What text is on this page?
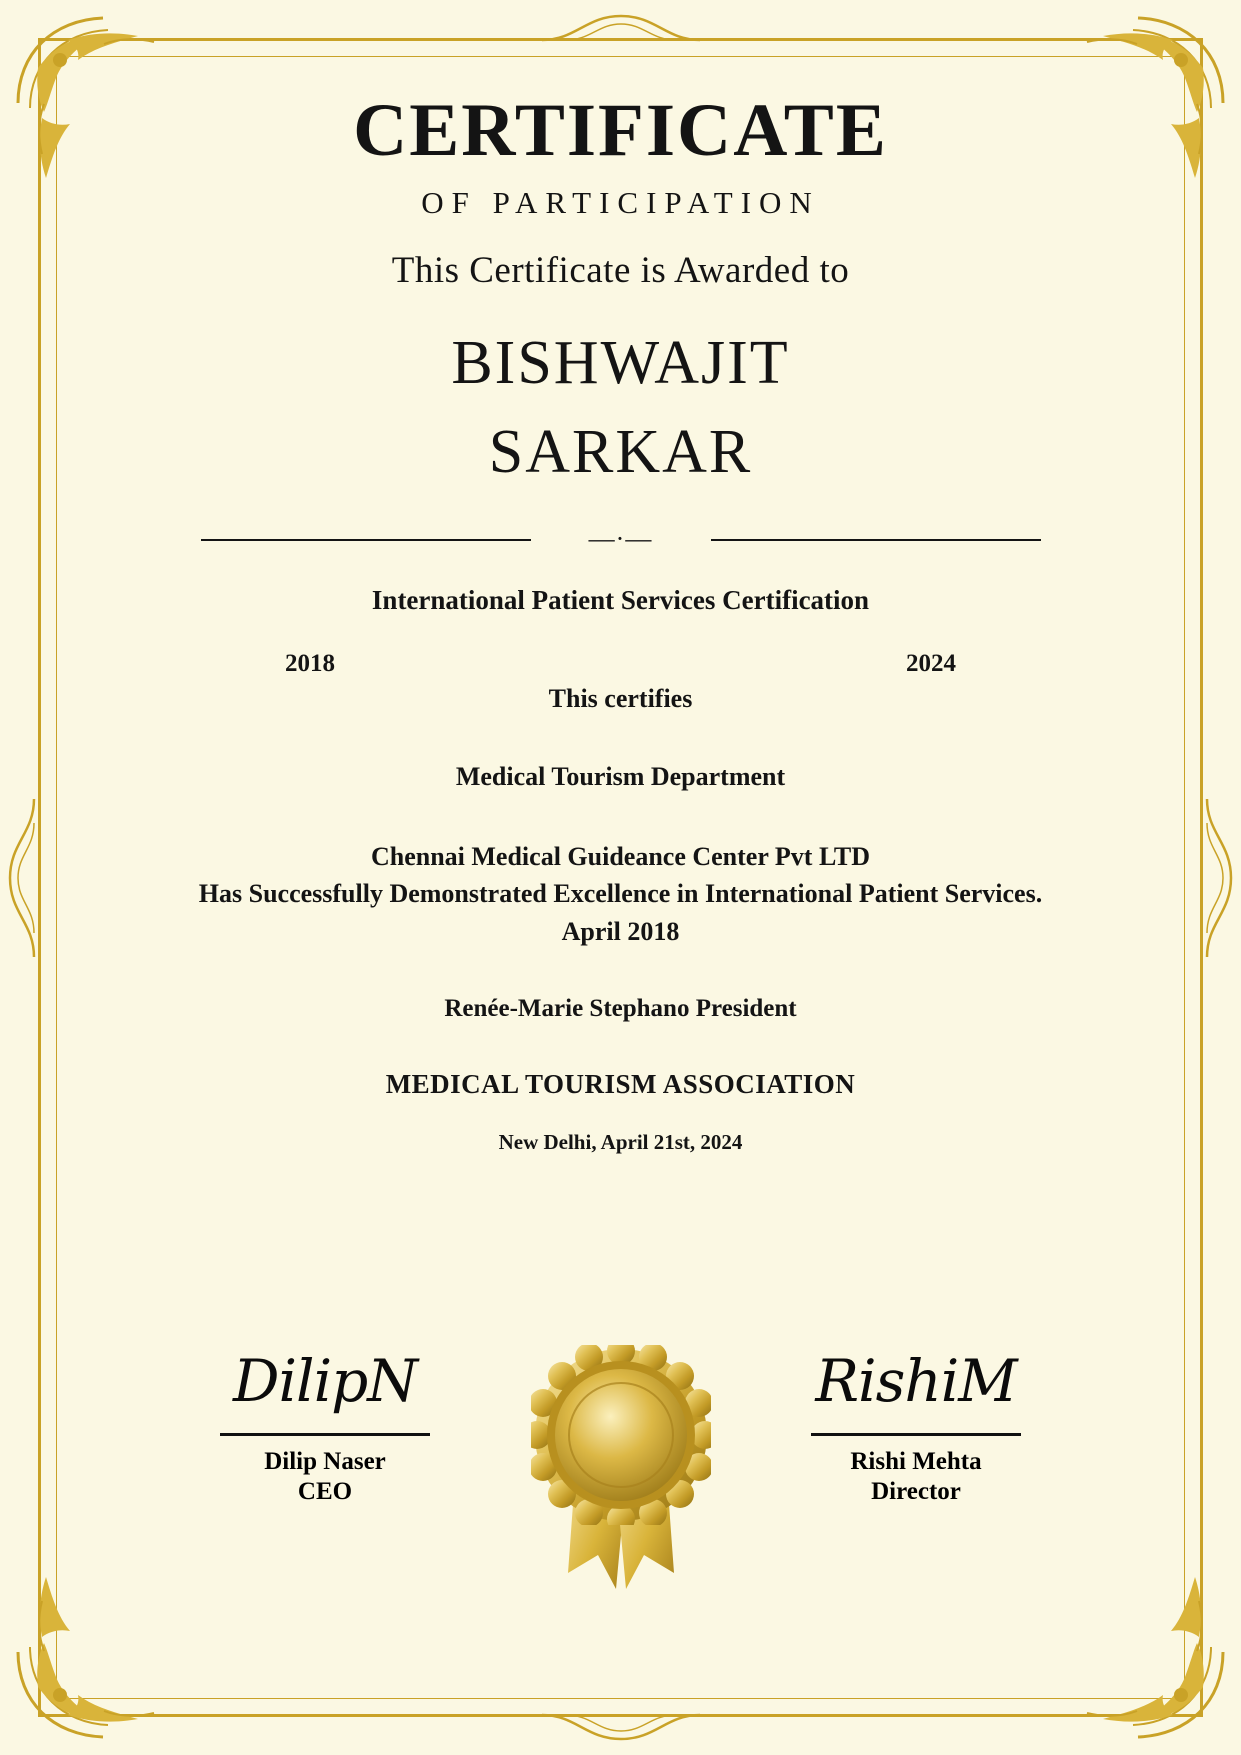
CERTIFICATE
OF PARTICIPATION
This Certificate is Awarded to
BISHWAJIT
SARKAR
—·—
International Patient Services Certification
2018	2024
This certifies
Medical Tourism Department
Chennai Medical Guideance Center Pvt LTD
Has Successfully Demonstrated Excellence in International Patient Services.
April 2018
Renée-Marie Stephano President
MEDICAL TOURISM ASSOCIATION
New Delhi, April 21st, 2024
DilipN
Dilip Naser
CEO
RishiM
Rishi Mehta
Director
